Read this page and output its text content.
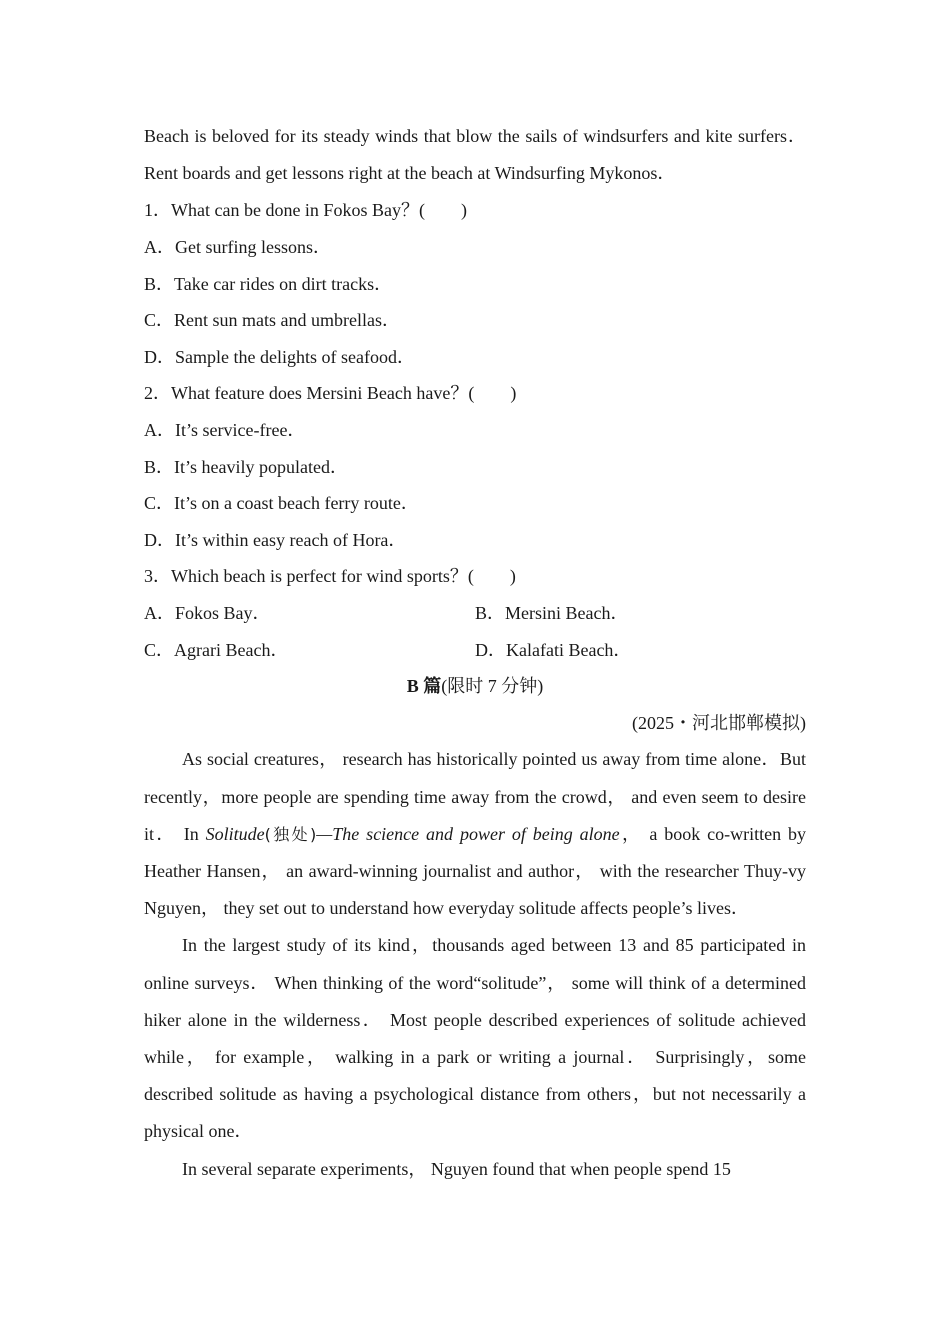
Beach is beloved for its steady winds that blow the sails of windsurfers and kite surfers．Rent boards and get lessons right at the beach at Windsurfing Mykonos．

1．What can be done in Fokos Bay？(　　)

A．Get surfing lessons．

B．Take car rides on dirt tracks．

C．Rent sun mats and umbrellas．

D．Sample the delights of seafood．

2．What feature does Mersini Beach have？(　　)

A．It’s service-free．

B．It’s heavily populated．

C．It’s on a coast beach ferry route．

D．It’s within easy reach of Hora．

3．Which beach is perfect for wind sports？(　　)

A．Fokos Bay．	B．Mersini Beach．
C．Agrari Beach．	D．Kalafati Beach．

B 篇(限时 7 分钟)

(2025・河北邯郸模拟)

As social creatures， research has historically pointed us away from time alone．But recently，more people are spending time away from the crowd， and even seem to desire it． In Solitude(独处)—The science and power of being alone， a book co-written by Heather Hansen， an award-winning journalist and author， with the researcher Thuy-vy Nguyen， they set out to understand how everyday solitude affects people’s lives．

In the largest study of its kind，thousands aged between 13 and 85 participated in online surveys． When thinking of the word“solitude”， some will think of a determined hiker alone in the wilderness． Most people described experiences of solitude achieved while， for example， walking in a park or writing a journal． Surprisingly，some described solitude as having a psychological distance from others，but not necessarily a physical one．

In several separate experiments， Nguyen found that when people spend 15
